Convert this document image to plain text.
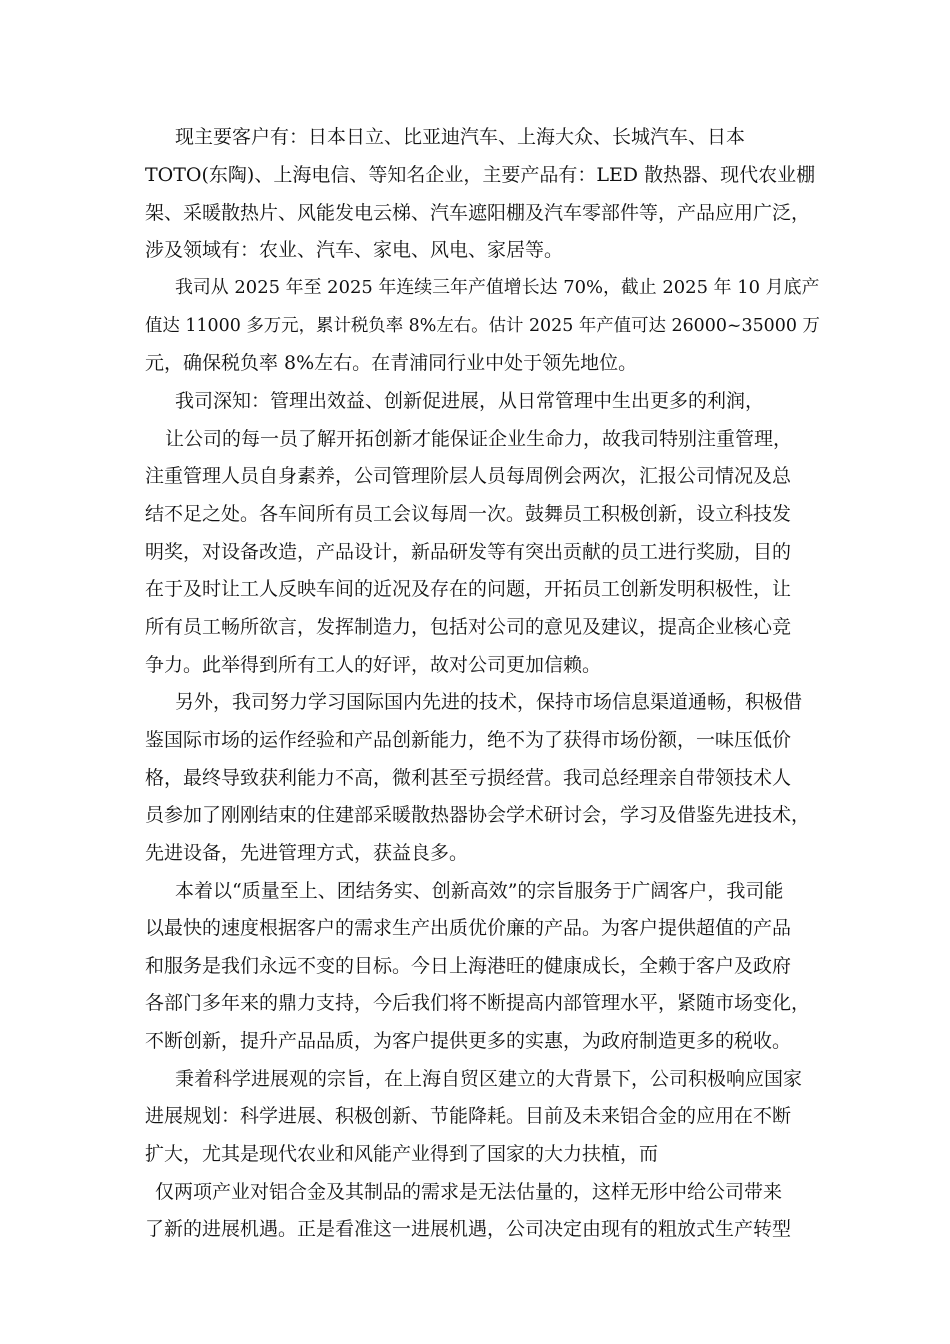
现主要客户有：日本日立、比亚迪汽车、上海大众、长城汽车、日本
TOTO(东陶)、上海电信、等知名企业，主要产品有：LED 散热器、现代农业棚
架、采暖散热片、风能发电云梯、汽车遮阳棚及汽车零部件等，产品应用广泛，
涉及领域有：农业、汽车、家电、风电、家居等。
我司从 2025 年至 2025 年连续三年产值增长达 70%，截止 2025 年 10 月底产
值达 11000 多万元，累计税负率 8%左右。估计 2025 年产值可达 26000~35000 万
元，确保税负率 8%左右。在青浦同行业中处于领先地位。
我司深知：管理出效益、创新促进展，从日常管理中生出更多的利润，
让公司的每一员了解开拓创新才能保证企业生命力，故我司特别注重管理，
注重管理人员自身素养，公司管理阶层人员每周例会两次，汇报公司情况及总
结不足之处。各车间所有员工会议每周一次。鼓舞员工积极创新，设立科技发
明奖，对设备改造，产品设计，新品研发等有突出贡献的员工进行奖励，目的
在于及时让工人反映车间的近况及存在的问题，开拓员工创新发明积极性，让
所有员工畅所欲言，发挥制造力，包括对公司的意见及建议，提高企业核心竞
争力。此举得到所有工人的好评，故对公司更加信赖。
另外，我司努力学习国际国内先进的技术，保持市场信息渠道通畅，积极借
鉴国际市场的运作经验和产品创新能力，绝不为了获得市场份额，一味压低价
格，最终导致获利能力不高，微利甚至亏损经营。我司总经理亲自带领技术人
员参加了刚刚结束的住建部采暖散热器协会学术研讨会，学习及借鉴先进技术，
先进设备，先进管理方式，获益良多。
本着以“质量至上、团结务实、创新高效”的宗旨服务于广阔客户，我司能
以最快的速度根据客户的需求生产出质优价廉的产品。为客户提供超值的产品
和服务是我们永远不变的目标。今日上海港旺的健康成长，全赖于客户及政府
各部门多年来的鼎力支持，今后我们将不断提高内部管理水平，紧随市场变化，
不断创新，提升产品品质，为客户提供更多的实惠，为政府制造更多的税收。
秉着科学进展观的宗旨，在上海自贸区建立的大背景下，公司积极响应国家
进展规划：科学进展、积极创新、节能降耗。目前及未来铝合金的应用在不断
扩大，尤其是现代农业和风能产业得到了国家的大力扶植，而
仅两项产业对铝合金及其制品的需求是无法估量的，这样无形中给公司带来
了新的进展机遇。正是看准这一进展机遇，公司决定由现有的粗放式生产转型
